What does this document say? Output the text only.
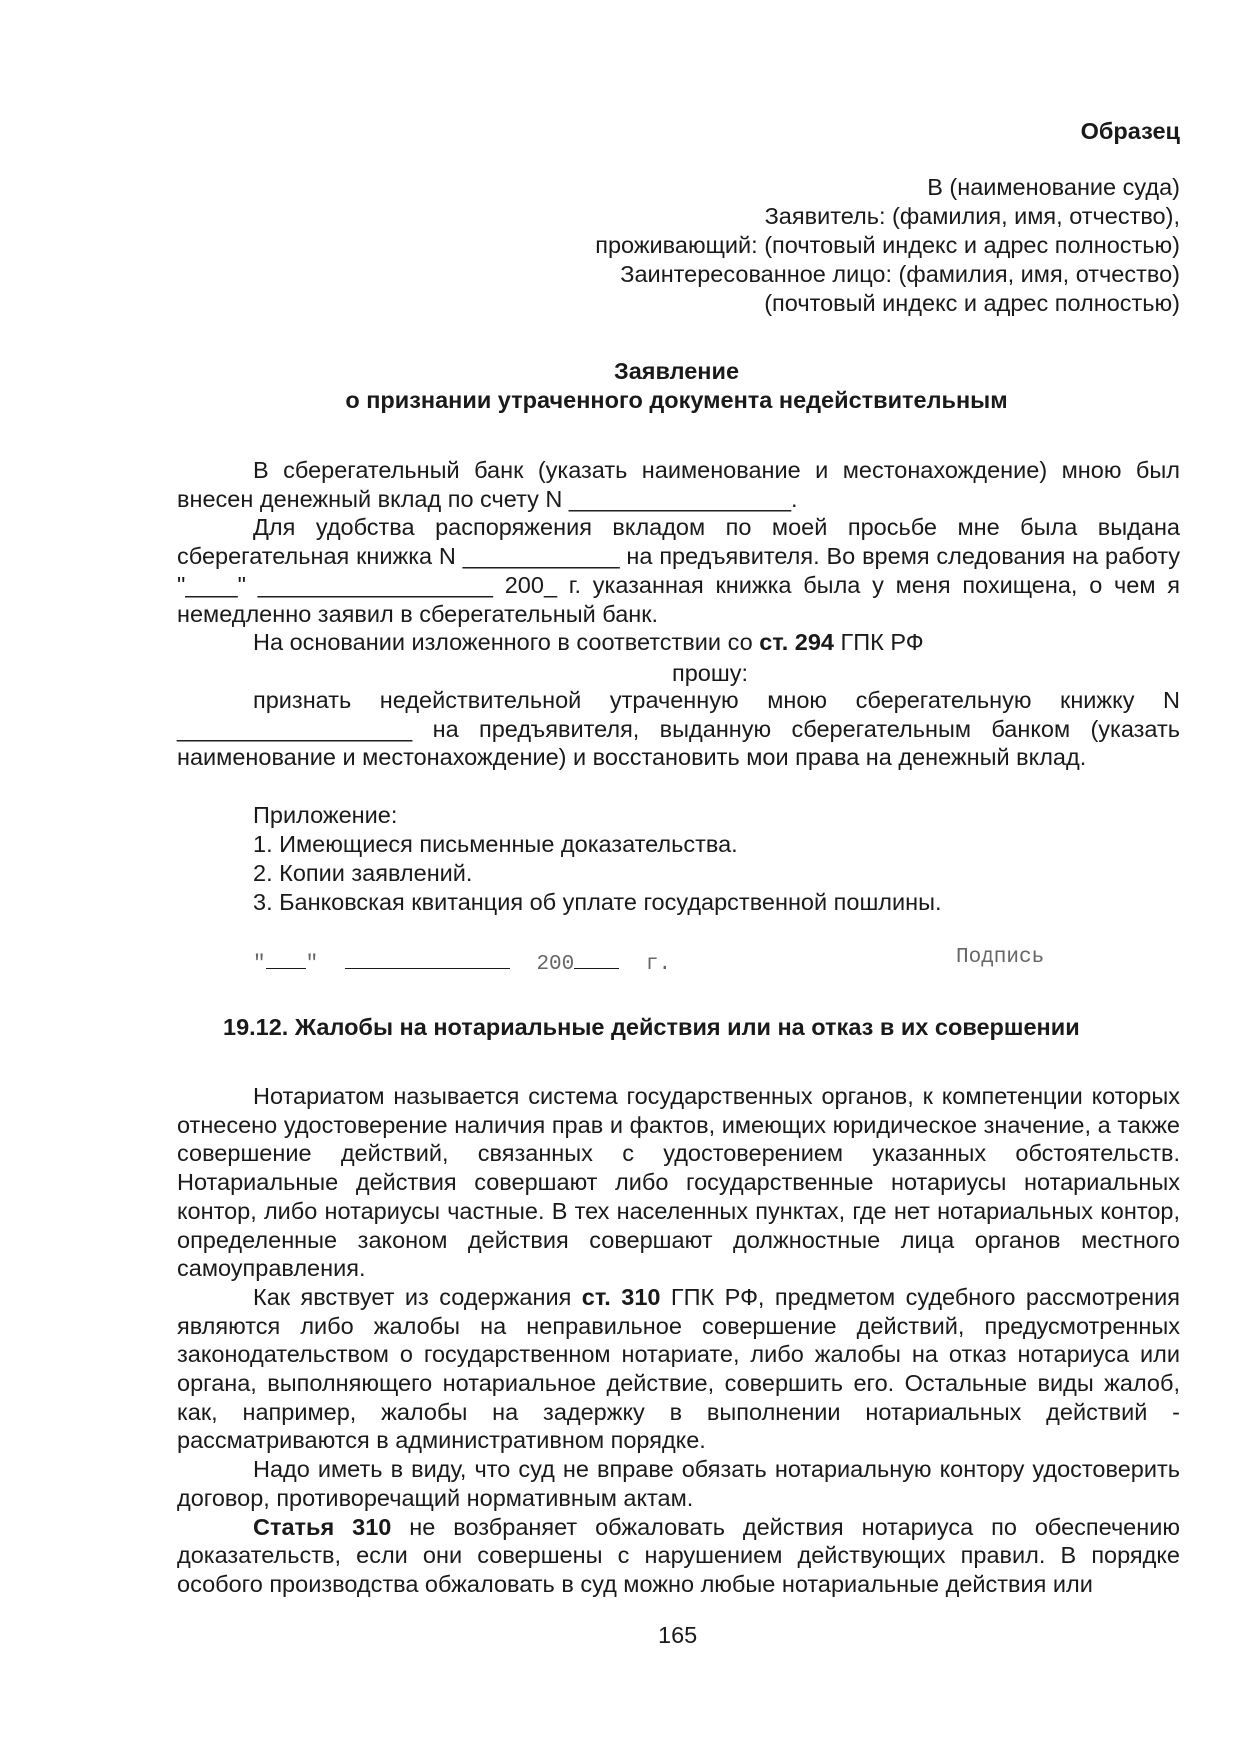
Образец
В (наименование суда)
Заявитель: (фамилия, имя, отчество),
проживающий: (почтовый индекс и адрес полностью)
Заинтересованное лицо: (фамилия, имя, отчество)
(почтовый индекс и адрес полностью)
Заявление
о признании утраченного документа недействительным

В сберегательный банк (указать наименование и местонахождение) мною был внесен денежный вклад по счету N _________________.

Для удобства распоряжения вкладом по моей просьбе мне была выдана сберегательная книжка N ____________ на предъявителя. Во время следования на работу "____" __________________ 200_ г. указанная книжка была у меня похищена, о чем я немедленно заявил в сберегательный банк.

На основании изложенного в соответствии со ст. 294 ГПК РФ

прошу:

признать недействительной утраченную мною сберегательную книжку N __________________ на предъявителя, выданную сберегательным банком (указать наименование и местонахождение) и восстановить мои права на денежный вклад.

Приложение:
1. Имеющиеся письменные доказательства.
2. Копии заявлений.
3. Банковская квитанция об уплате государственной пошлины.
" "	200	г.	Подпись
19.12. Жалобы на нотариальные действия или на отказ в их совершении

Нотариатом называется система государственных органов, к компетенции которых отнесено удостоверение наличия прав и фактов, имеющих юридическое значение, а также совершение действий, связанных с удостоверением указанных обстоятельств. Нотариальные действия совершают либо государственные нотариусы нотариальных контор, либо нотариусы частные. В тех населенных пунктах, где нет нотариальных контор, определенные законом действия совершают должностные лица органов местного самоуправления.

Как явствует из содержания ст. 310 ГПК РФ, предметом судебного рассмотрения являются либо жалобы на неправильное совершение действий, предусмотренных законодательством о государственном нотариате, либо жалобы на отказ нотариуса или органа, выполняющего нотариальное действие, совершить его. Остальные виды жалоб, как, например, жалобы на задержку в выполнении нотариальных действий - рассматриваются в административном порядке.

Надо иметь в виду, что суд не вправе обязать нотариальную контору удостоверить договор, противоречащий нормативным актам.

Статья 310 не возбраняет обжаловать действия нотариуса по обеспечению доказательств, если они совершены с нарушением действующих правил. В порядке особого производства обжаловать в суд можно любые нотариальные действия или

165
